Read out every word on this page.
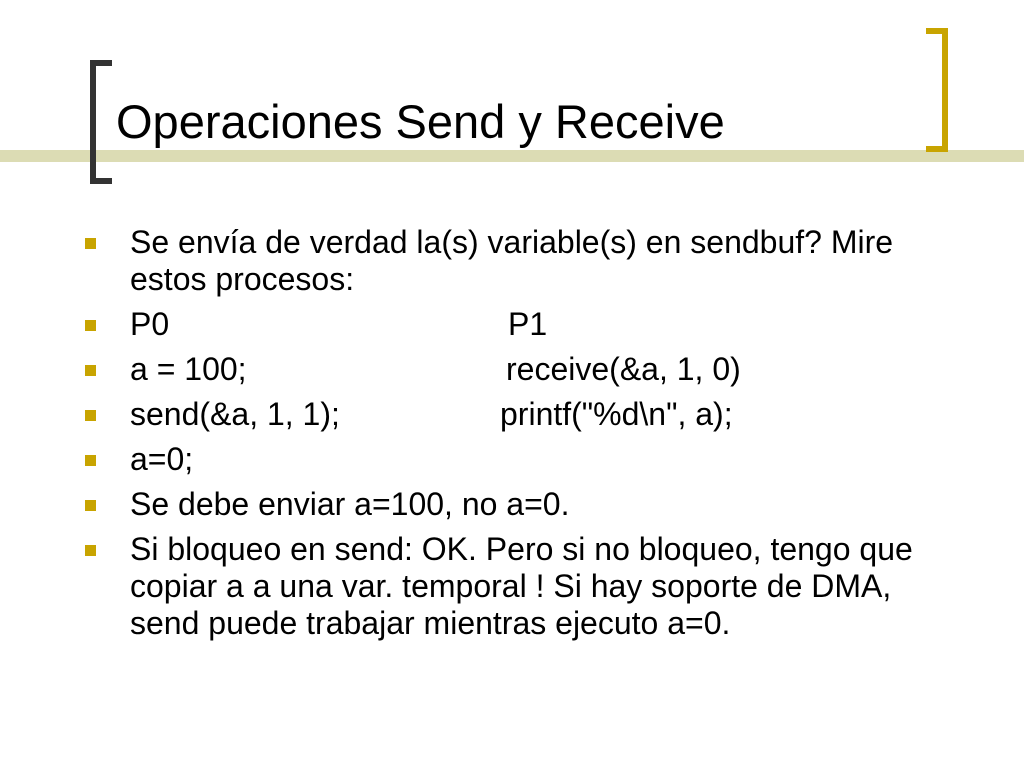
Operaciones Send y Receive
Se envía de verdad la(s) variable(s) en sendbuf? Mire estos procesos:
P0	P1
a = 100;	receive(&a, 1, 0)
send(&a, 1, 1);	printf("%d\n", a);
a=0;
Se debe enviar a=100, no a=0.
Si bloqueo en send: OK. Pero si no bloqueo, tengo que copiar a a una var. temporal ! Si hay soporte de DMA, send puede trabajar mientras ejecuto a=0.
